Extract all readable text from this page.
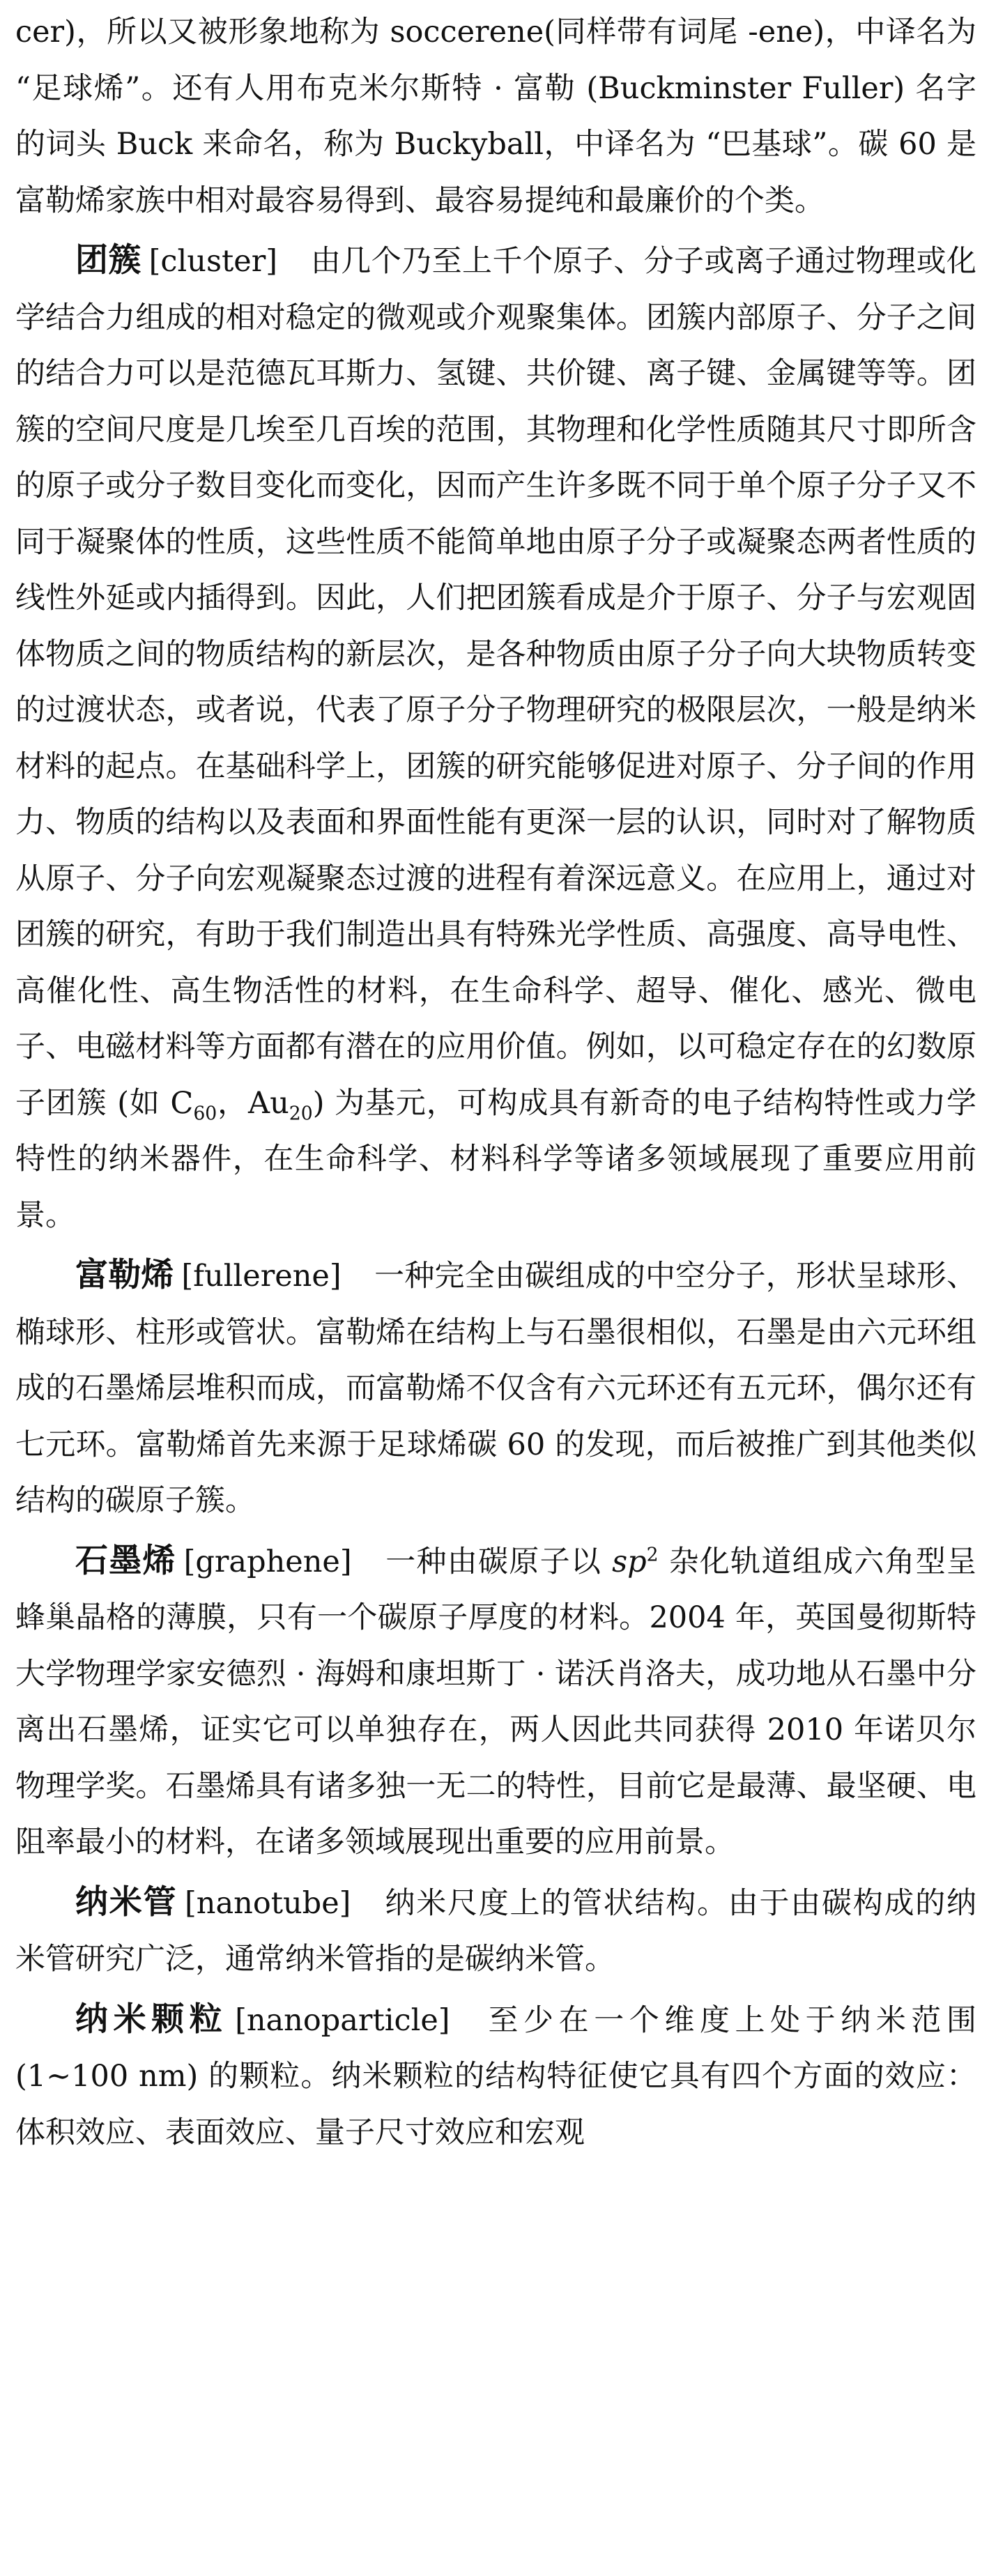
cer)，所以又被形象地称为 soccerene(同样带有词尾 -ene)，中译名为 “足球烯”。还有人用布克米尔斯特 · 富勒 (Buckminster Fuller) 名字的词头 Buck 来命名，称为 Buckyball，中译名为 “巴基球”。碳 60 是富勒烯家族中相对最容易得到、最容易提纯和最廉价的个类。

团簇 [cluster] 由几个乃至上千个原子、分子或离子通过物理或化学结合力组成的相对稳定的微观或介观聚集体。团簇内部原子、分子之间的结合力可以是范德瓦耳斯力、氢键、共价键、离子键、金属键等等。团簇的空间尺度是几埃至几百埃的范围，其物理和化学性质随其尺寸即所含的原子或分子数目变化而变化，因而产生许多既不同于单个原子分子又不同于凝聚体的性质，这些性质不能简单地由原子分子或凝聚态两者性质的线性外延或内插得到。因此，人们把团簇看成是介于原子、分子与宏观固体物质之间的物质结构的新层次，是各种物质由原子分子向大块物质转变的过渡状态，或者说，代表了原子分子物理研究的极限层次，一般是纳米材料的起点。在基础科学上，团簇的研究能够促进对原子、分子间的作用力、物质的结构以及表面和界面性能有更深一层的认识，同时对了解物质从原子、分子向宏观凝聚态过渡的进程有着深远意义。在应用上，通过对团簇的研究，有助于我们制造出具有特殊光学性质、高强度、高导电性、高催化性、高生物活性的材料，在生命科学、超导、催化、感光、微电子、电磁材料等方面都有潜在的应用价值。例如，以可稳定存在的幻数原子团簇 (如 $C_{60}$，$Au_{20}$) 为基元，可构成具有新奇的电子结构特性或力学特性的纳米器件，在生命科学、材料科学等诸多领域展现了重要应用前景。

富勒烯 [fullerene] 一种完全由碳组成的中空分子，形状呈球形、椭球形、柱形或管状。富勒烯在结构上与石墨很相似，石墨是由六元环组成的石墨烯层堆积而成，而富勒烯不仅含有六元环还有五元环，偶尔还有七元环。富勒烯首先来源于足球烯碳 60 的发现，而后被推广到其他类似结构的碳原子簇。

石墨烯 [graphene] 一种由碳原子以 $sp^2$ 杂化轨道组成六角型呈蜂巢晶格的薄膜，只有一个碳原子厚度的材料。2004 年，英国曼彻斯特大学物理学家安德烈 · 海姆和康坦斯丁 · 诺沃肖洛夫，成功地从石墨中分离出石墨烯，证实它可以单独存在，两人因此共同获得 2010 年诺贝尔物理学奖。石墨烯具有诸多独一无二的特性，目前它是最薄、最坚硬、电阻率最小的材料，在诸多领域展现出重要的应用前景。

纳米管 [nanotube] 纳米尺度上的管状结构。由于由碳构成的纳米管研究广泛，通常纳米管指的是碳纳米管。

纳米颗粒 [nanoparticle] 至少在一个维度上处于纳米范围 (1∼100 nm) 的颗粒。纳米颗粒的结构特征使它具有四个方面的效应：体积效应、表面效应、量子尺寸效应和宏观
